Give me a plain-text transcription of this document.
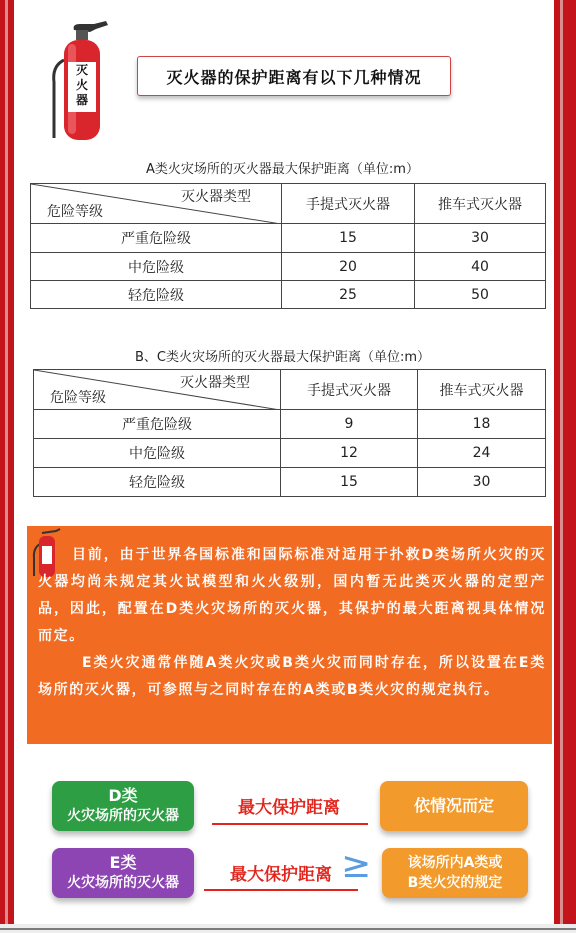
灭
火
器
灭火器的保护距离有以下几种情况
A类火灾场所的灭火器最大保护距离（单位:m）
灭火器类型
危险等级	手提式灭火器	推车式灭火器
严重危险级	15	30
中危险级	20	40
轻危险级	25	50
B、C类火灾场所的灭火器最大保护距离（单位:m）
灭火器类型
危险等级	手提式灭火器	推车式灭火器
严重危险级	9	18
中危险级	12	24
轻危险级	15	30
目前，由于世界各国标准和国际标准对适用于扑救D类场所火灾的灭火器均尚未规定其火试模型和火火级别，国内暂无此类灭火器的定型产品，因此，配置在D类火灾场所的灭火器，其保护的最大距离视具体情况而定。
E类火灾通常伴随A类火灾或B类火灾而同时存在，所以设置在E类场所的灭火器，可参照与之同时存在的A类或B类火灾的规定执行。
D类
火灾场所的灭火器	最大保护距离	依情况而定
E类
火灾场所的灭火器	最大保护距离 ≥	该场所内A类或
B类火灾的规定
